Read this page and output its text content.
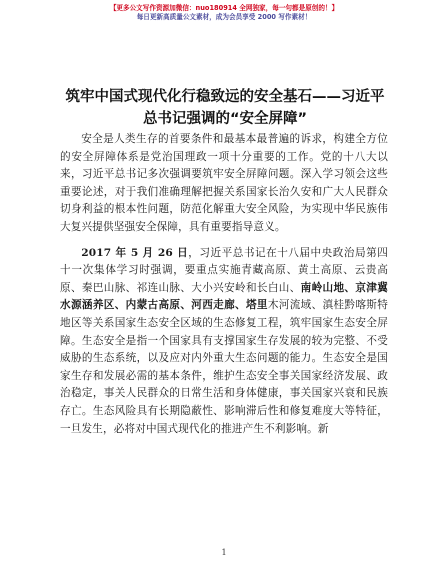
【更多公文写作资源加微信：nuo180914 全网独家，每一句都是原创的！】
每日更新高质量公文素材，成为会员享受 2000 写作素材！
筑牢中国式现代化行稳致远的安全基石——习近平总书记强调的“安全屏障”

安全是人类生存的首要条件和最基本最普遍的诉求，构建全方位的安全屏障体系是党治国理政一项十分重要的工作。党的十八大以来，习近平总书记多次强调要筑牢安全屏障问题。深入学习领会这些重要论述，对于我们准确理解把握关系国家长治久安和广大人民群众切身利益的根本性问题，防范化解重大安全风险，为实现中华民族伟大复兴提供坚强安全保障，具有重要指导意义。

2017 年 5 月 26 日，习近平总书记在十八届中央政治局第四十一次集体学习时强调，要重点实施青藏高原、黄土高原、云贵高原、秦巴山脉、祁连山脉、大小兴安岭和长白山、南岭山地、京津冀水源涵养区、内蒙古高原、河西走廊、塔里木河流域、滇桂黔喀斯特地区等关系国家生态安全区域的生态修复工程，筑牢国家生态安全屏障。生态安全是指一个国家具有支撑国家生存发展的较为完整、不受威胁的生态系统，以及应对内外重大生态问题的能力。生态安全是国家生存和发展必需的基本条件，维护生态安全事关国家经济发展、政治稳定，事关人民群众的日常生活和身体健康，事关国家兴衰和民族存亡。生态风险具有长期隐蔽性、影响滞后性和修复难度大等特征，一旦发生，必将对中国式现代化的推进产生不利影响。新

1
